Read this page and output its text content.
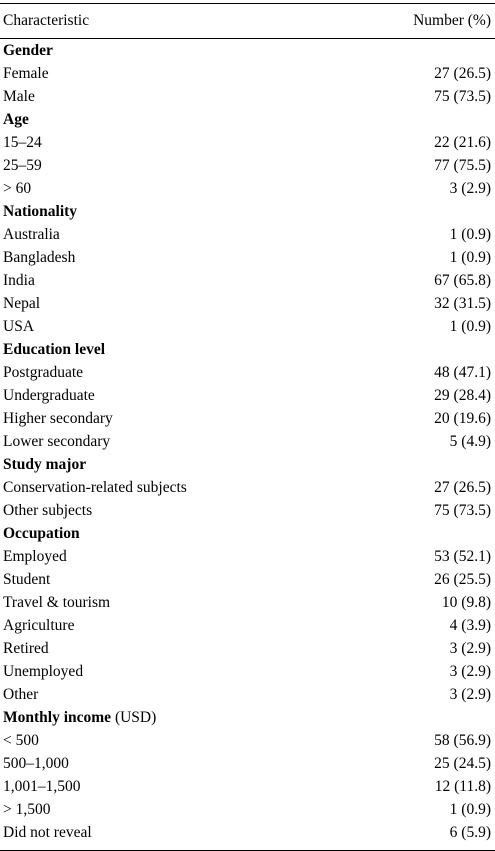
Characteristic	Number (%)
Gender
Female	27 (26.5)
Male	75 (73.5)
Age
15–24	22 (21.6)
25–59	77 (75.5)
> 60	3 (2.9)
Nationality
Australia	1 (0.9)
Bangladesh	1 (0.9)
India	67 (65.8)
Nepal	32 (31.5)
USA	1 (0.9)
Education level
Postgraduate	48 (47.1)
Undergraduate	29 (28.4)
Higher secondary	20 (19.6)
Lower secondary	5 (4.9)
Study major
Conservation-related subjects	27 (26.5)
Other subjects	75 (73.5)
Occupation
Employed	53 (52.1)
Student	26 (25.5)
Travel & tourism	10 (9.8)
Agriculture	4 (3.9)
Retired	3 (2.9)
Unemployed	3 (2.9)
Other	3 (2.9)
Monthly income (USD)
< 500	58 (56.9)
500–1,000	25 (24.5)
1,001–1,500	12 (11.8)
> 1,500	1 (0.9)
Did not reveal	6 (5.9)
